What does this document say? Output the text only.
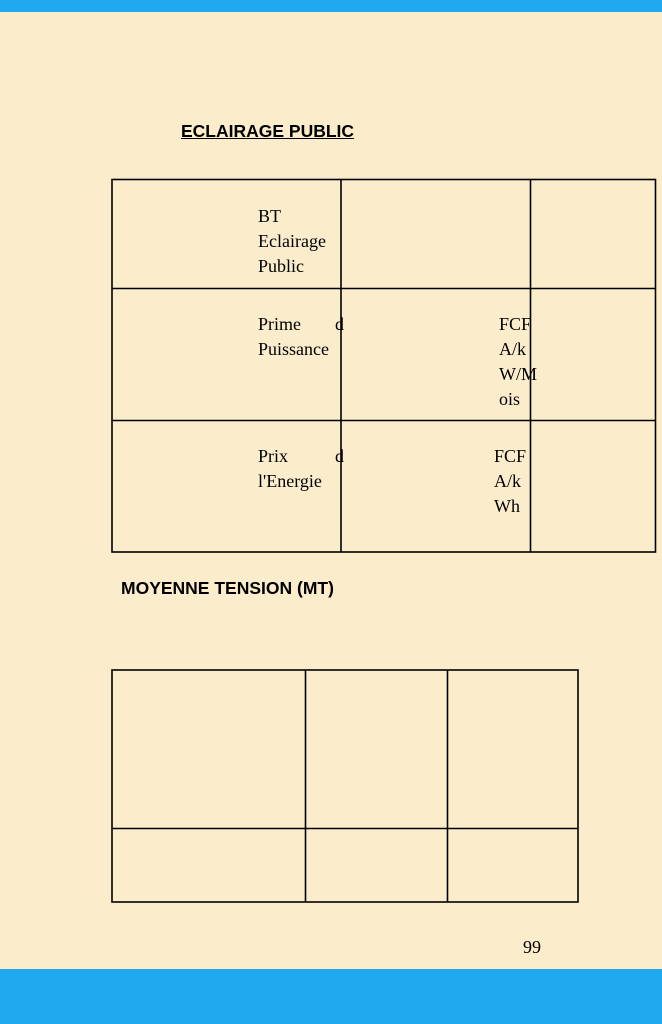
ECLAIRAGE PUBLIC
BT
Eclairage
Public
Prime d
Puissance
FCF
A/k
W/M
ois
Prix	d
l'Energie
FCF
A/k
Wh
MOYENNE TENSION (MT)
99
